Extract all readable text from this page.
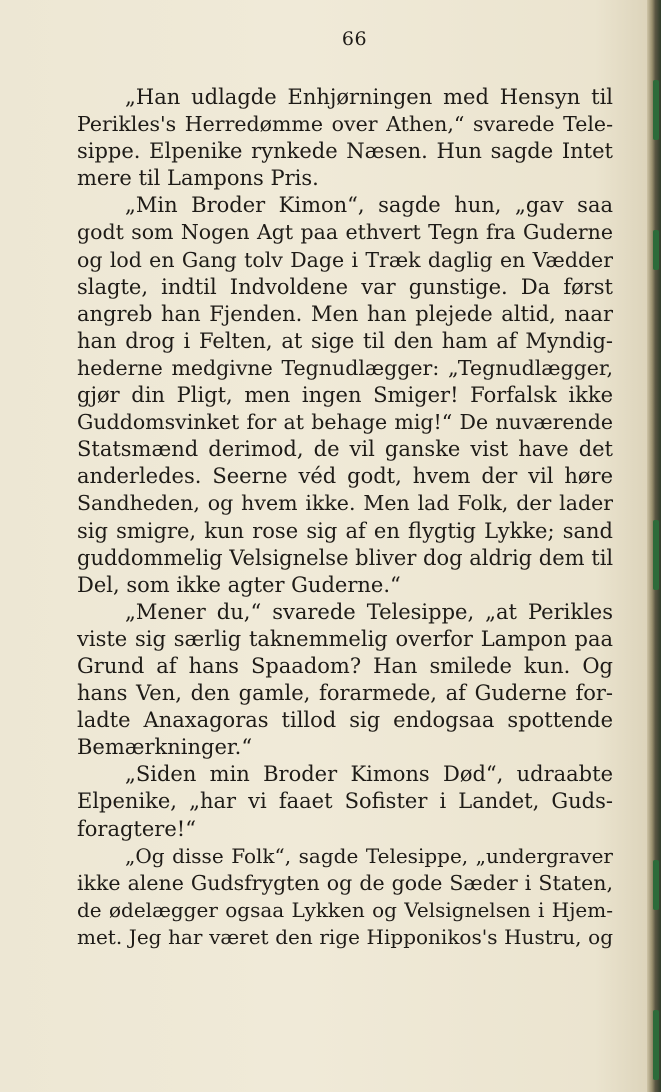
66
„Han udlagde Enhjørningen med Hensyn til
Perikles's Herredømme over Athen,“ svarede Tele-
sippe. Elpenike rynkede Næsen. Hun sagde Intet
mere til Lampons Pris.
„Min Broder Kimon“, sagde hun, „gav saa
godt som Nogen Agt paa ethvert Tegn fra Guderne
og lod en Gang tolv Dage i Træk daglig en Vædder
slagte, indtil Indvoldene var gunstige. Da først
angreb han Fjenden. Men han plejede altid, naar
han drog i Felten, at sige til den ham af Myndig-
hederne medgivne Tegnudlægger: „Tegnudlægger,
gjør din Pligt, men ingen Smiger! Forfalsk ikke
Guddomsvinket for at behage mig!“ De nuværende
Statsmænd derimod, de vil ganske vist have det
anderledes. Seerne véd godt, hvem der vil høre
Sandheden, og hvem ikke. Men lad Folk, der lader
sig smigre, kun rose sig af en flygtig Lykke; sand
guddommelig Velsignelse bliver dog aldrig dem til
Del, som ikke agter Guderne.“
„Mener du,“ svarede Telesippe, „at Perikles
viste sig særlig taknemmelig overfor Lampon paa
Grund af hans Spaadom? Han smilede kun. Og
hans Ven, den gamle, forarmede, af Guderne for-
ladte Anaxagoras tillod sig endogsaa spottende
Bemærkninger.“
„Siden min Broder Kimons Død“, udraabte
Elpenike, „har vi faaet Sofister i Landet, Guds-
foragtere!“
„Og disse Folk“, sagde Telesippe, „undergraver
ikke alene Gudsfrygten og de gode Sæder i Staten,
de ødelægger ogsaa Lykken og Velsignelsen i Hjem-
met. Jeg har været den rige Hipponikos's Hustru, og
